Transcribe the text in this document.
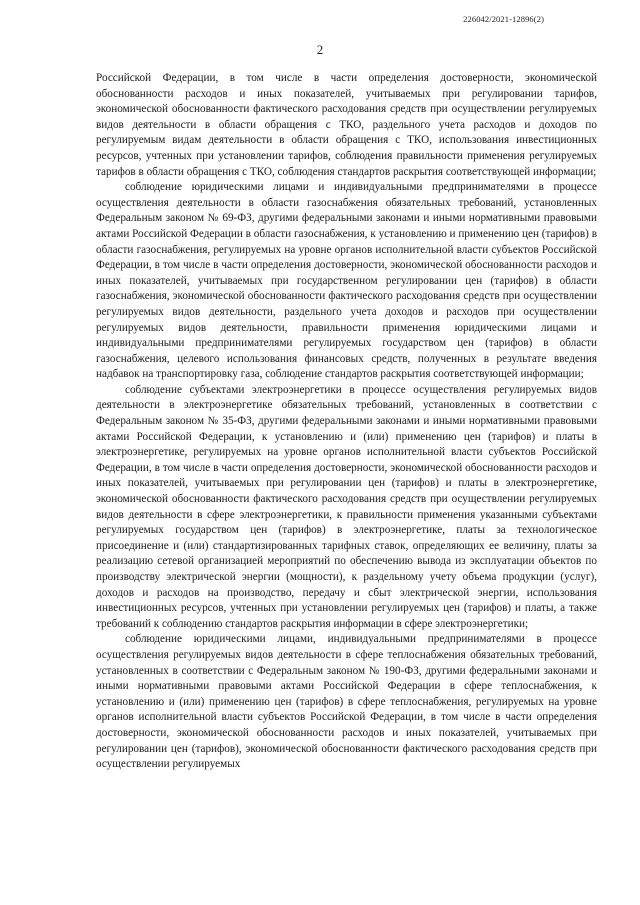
226042/2021-12896(2)
2

Российской Федерации, в том числе в части определения достоверности, экономической обоснованности расходов и иных показателей, учитываемых при регулировании тарифов, экономической обоснованности фактического расходования средств при осуществлении регулируемых видов деятельности в области обращения с ТКО, раздельного учета расходов и доходов по регулируемым видам деятельности в области обращения с ТКО, использования инвестиционных ресурсов, учтенных при установлении тарифов, соблюдения правильности применения регулируемых тарифов в области обращения с ТКО, соблюдения стандартов раскрытия соответствующей информации;

соблюдение юридическими лицами и индивидуальными предпринимателями в процессе осуществления деятельности в области газоснабжения обязательных требований, установленных Федеральным законом № 69-ФЗ, другими федеральными законами и иными нормативными правовыми актами Российской Федерации в области газоснабжения, к установлению и применению цен (тарифов) в области газоснабжения, регулируемых на уровне органов исполнительной власти субъектов Российской Федерации, в том числе в части определения достоверности, экономической обоснованности расходов и иных показателей, учитываемых при государственном регулировании цен (тарифов) в области газоснабжения, экономической обоснованности фактического расходования средств при осуществлении регулируемых видов деятельности, раздельного учета доходов и расходов при осуществлении регулируемых видов деятельности, правильности применения юридическими лицами и индивидуальными предпринимателями регулируемых государством цен (тарифов) в области газоснабжения, целевого использования финансовых средств, полученных в результате введения надбавок на транспортировку газа, соблюдение стандартов раскрытия соответствующей информации;

соблюдение субъектами электроэнергетики в процессе осуществления регулируемых видов деятельности в электроэнергетике обязательных требований, установленных в соответствии с Федеральным законом № 35-ФЗ, другими федеральными законами и иными нормативными правовыми актами Российской Федерации, к установлению и (или) применению цен (тарифов) и платы в электроэнергетике, регулируемых на уровне органов исполнительной власти субъектов Российской Федерации, в том числе в части определения достоверности, экономической обоснованности расходов и иных показателей, учитываемых при регулировании цен (тарифов) и платы в электроэнергетике, экономической обоснованности фактического расходования средств при осуществлении регулируемых видов деятельности в сфере электроэнергетики, к правильности применения указанными субъектами регулируемых государством цен (тарифов) в электроэнергетике, платы за технологическое присоединение и (или) стандартизированных тарифных ставок, определяющих ее величину, платы за реализацию сетевой организацией мероприятий по обеспечению вывода из эксплуатации объектов по производству электрической энергии (мощности), к раздельному учету объема продукции (услуг), доходов и расходов на производство, передачу и сбыт электрической энергии, использования инвестиционных ресурсов, учтенных при установлении регулируемых цен (тарифов) и платы, а также требований к соблюдению стандартов раскрытия информации в сфере электроэнергетики;

соблюдение юридическими лицами, индивидуальными предпринимателями в процессе осуществления регулируемых видов деятельности в сфере теплоснабжения обязательных требований, установленных в соответствии с Федеральным законом № 190-ФЗ, другими федеральными законами и иными нормативными правовыми актами Российской Федерации в сфере теплоснабжения, к установлению и (или) применению цен (тарифов) в сфере теплоснабжения, регулируемых на уровне органов исполнительной власти субъектов Российской Федерации, в том числе в части определения достоверности, экономической обоснованности расходов и иных показателей, учитываемых при регулировании цен (тарифов), экономической обоснованности фактического расходования средств при осуществлении регулируемых
